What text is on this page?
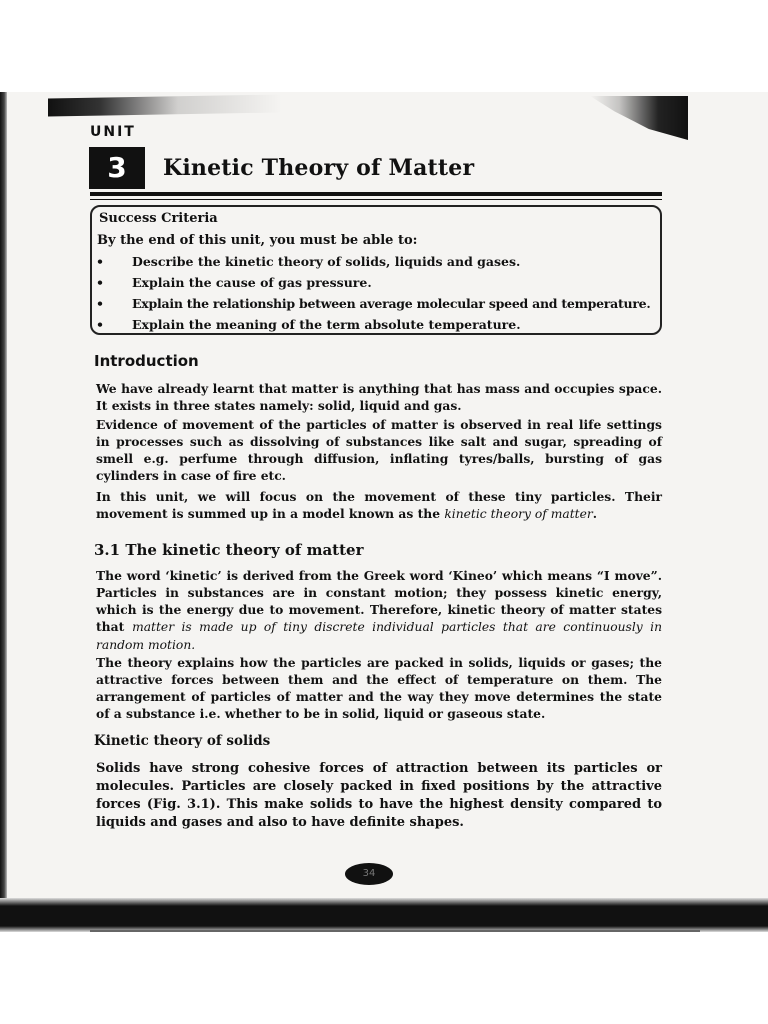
UNIT
3	Kinetic Theory of Matter
Success Criteria
By the end of this unit, you must be able to:
• Describe the kinetic theory of solids, liquids and gases.
• Explain the cause of gas pressure.
• Explain the relationship between average molecular speed and temperature.
• Explain the meaning of the term absolute temperature.
Introduction

We have already learnt that matter is anything that has mass and occupies space. It exists in three states namely: solid, liquid and gas.

Evidence of movement of the particles of matter is observed in real life settings in processes such as dissolving of substances like salt and sugar, spreading of smell e.g. perfume through diffusion, inflating tyres/balls, bursting of gas cylinders in case of fire etc.

In this unit, we will focus on the movement of these tiny particles. Their movement is summed up in a model known as the kinetic theory of matter.

3.1 The kinetic theory of matter

The word ‘kinetic’ is derived from the Greek word ‘Kineo’ which means “I move”. Particles in substances are in constant motion; they possess kinetic energy, which is the energy due to movement. Therefore, kinetic theory of matter states that matter is made up of tiny discrete individual particles that are continuously in random motion.

The theory explains how the particles are packed in solids, liquids or gases; the attractive forces between them and the effect of temperature on them. The arrangement of particles of matter and the way they move determines the state of a substance i.e. whether to be in solid, liquid or gaseous state.

Kinetic theory of solids

Solids have strong cohesive forces of attraction between its particles or molecules. Particles are closely packed in fixed positions by the attractive forces (Fig. 3.1). This make solids to have the highest density compared to liquids and gases and also to have definite shapes.

34
